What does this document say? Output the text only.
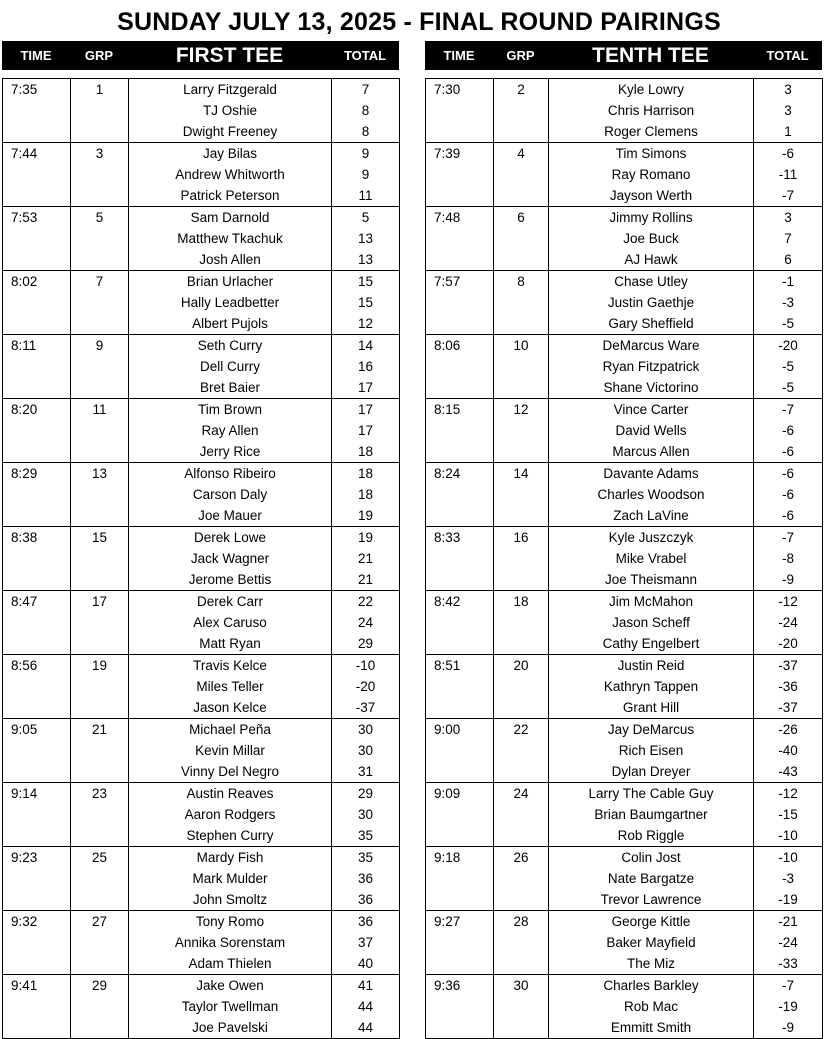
SUNDAY JULY 13, 2025 - FINAL ROUND PAIRINGS
TIME	GRP	FIRST TEE	TOTAL	TIME	GRP	TENTH TEE	TOTAL
7:35	1	Larry Fitzgerald	7
		TJ Oshie	8
		Dwight Freeney	8
7:44	3	Jay Bilas	9
		Andrew Whitworth	9
		Patrick Peterson	11
7:53	5	Sam Darnold	5
		Matthew Tkachuk	13
		Josh Allen	13
8:02	7	Brian Urlacher	15
		Hally Leadbetter	15
		Albert Pujols	12
8:11	9	Seth Curry	14
		Dell Curry	16
		Bret Baier	17
8:20	11	Tim Brown	17
		Ray Allen	17
		Jerry Rice	18
8:29	13	Alfonso Ribeiro	18
		Carson Daly	18
		Joe Mauer	19
8:38	15	Derek Lowe	19
		Jack Wagner	21
		Jerome Bettis	21
8:47	17	Derek Carr	22
		Alex Caruso	24
		Matt Ryan	29
8:56	19	Travis Kelce	-10
		Miles Teller	-20
		Jason Kelce	-37
9:05	21	Michael Peña	30
		Kevin Millar	30
		Vinny Del Negro	31
9:14	23	Austin Reaves	29
		Aaron Rodgers	30
		Stephen Curry	35
9:23	25	Mardy Fish	35
		Mark Mulder	36
		John Smoltz	36
9:32	27	Tony Romo	36
		Annika Sorenstam	37
		Adam Thielen	40
9:41	29	Jake Owen	41
		Taylor Twellman	44
		Joe Pavelski	44
7:30	2	Kyle Lowry	3
		Chris Harrison	3
		Roger Clemens	1
7:39	4	Tim Simons	-6
		Ray Romano	-11
		Jayson Werth	-7
7:48	6	Jimmy Rollins	3
		Joe Buck	7
		AJ Hawk	6
7:57	8	Chase Utley	-1
		Justin Gaethje	-3
		Gary Sheffield	-5
8:06	10	DeMarcus Ware	-20
		Ryan Fitzpatrick	-5
		Shane Victorino	-5
8:15	12	Vince Carter	-7
		David Wells	-6
		Marcus Allen	-6
8:24	14	Davante Adams	-6
		Charles Woodson	-6
		Zach LaVine	-6
8:33	16	Kyle Juszczyk	-7
		Mike Vrabel	-8
		Joe Theismann	-9
8:42	18	Jim McMahon	-12
		Jason Scheff	-24
		Cathy Engelbert	-20
8:51	20	Justin Reid	-37
		Kathryn Tappen	-36
		Grant Hill	-37
9:00	22	Jay DeMarcus	-26
		Rich Eisen	-40
		Dylan Dreyer	-43
9:09	24	Larry The Cable Guy	-12
		Brian Baumgartner	-15
		Rob Riggle	-10
9:18	26	Colin Jost	-10
		Nate Bargatze	-3
		Trevor Lawrence	-19
9:27	28	George Kittle	-21
		Baker Mayfield	-24
		The Miz	-33
9:36	30	Charles Barkley	-7
		Rob Mac	-19
		Emmitt Smith	-9
